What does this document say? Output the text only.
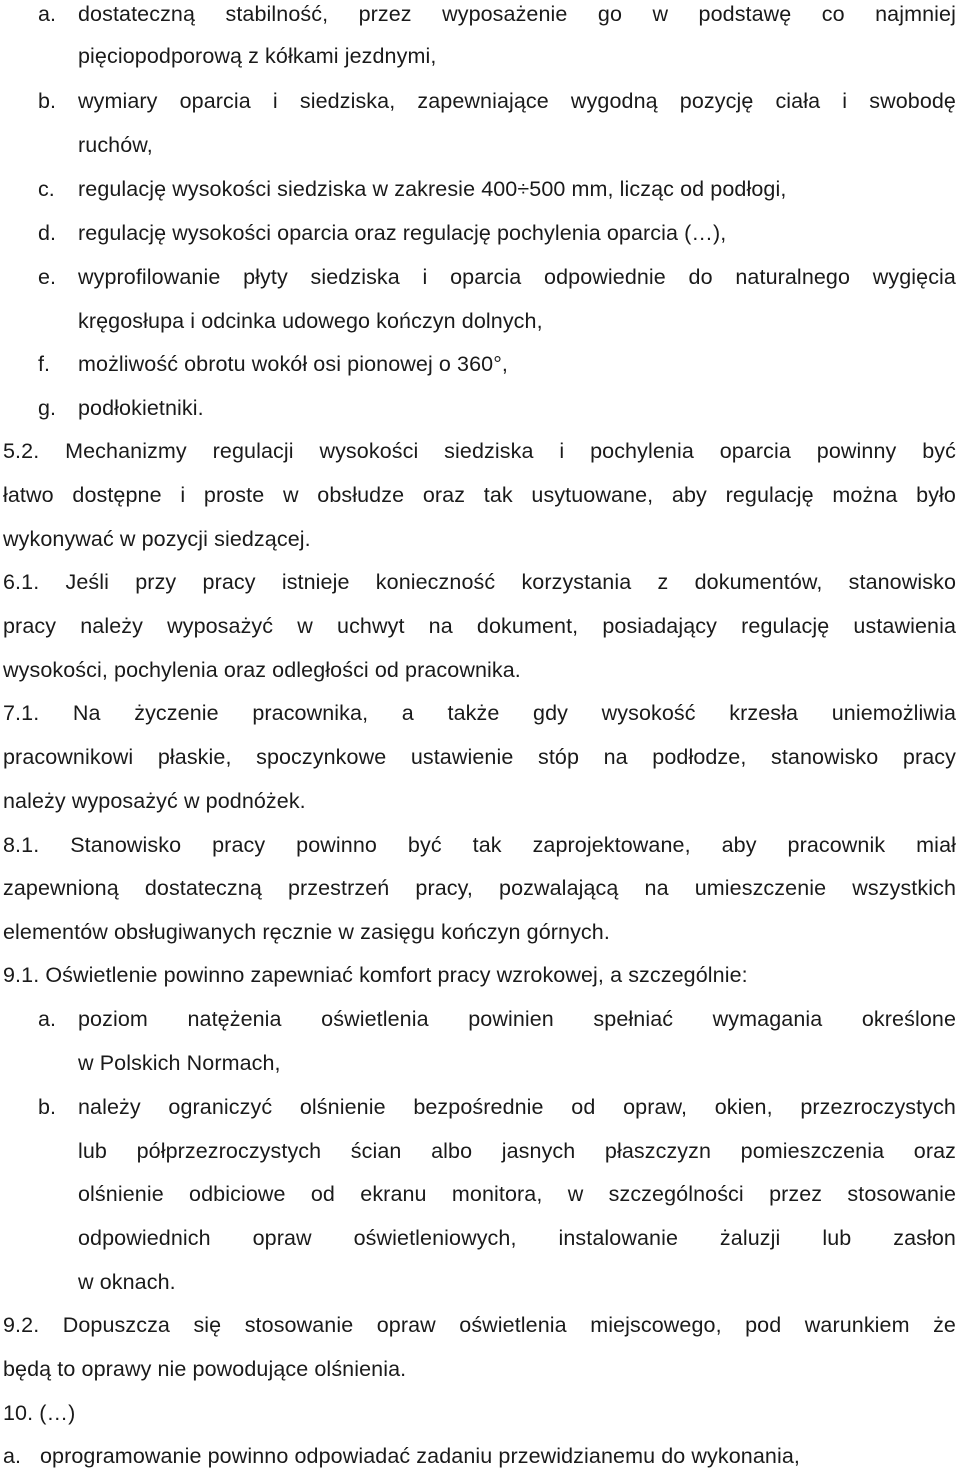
a. dostateczną stabilność, przez wyposażenie go w podstawę co najmniej
pięciopodporową z kółkami jezdnymi,
b. wymiary oparcia i siedziska, zapewniające wygodną pozycję ciała i swobodę
ruchów,
c. regulację wysokości siedziska w zakresie 400÷500 mm, licząc od podłogi,
d. regulację wysokości oparcia oraz regulację pochylenia oparcia (…),
e. wyprofilowanie płyty siedziska i oparcia odpowiednie do naturalnego wygięcia
kręgosłupa i odcinka udowego kończyn dolnych,
f. możliwość obrotu wokół osi pionowej o 360°,
g. podłokietniki.
5.2. Mechanizmy regulacji wysokości siedziska i pochylenia oparcia powinny być
łatwo dostępne i proste w obsłudze oraz tak usytuowane, aby regulację można było
wykonywać w pozycji siedzącej.
6.1. Jeśli przy pracy istnieje konieczność korzystania z dokumentów, stanowisko
pracy należy wyposażyć w uchwyt na dokument, posiadający regulację ustawienia
wysokości, pochylenia oraz odległości od pracownika.
7.1. Na życzenie pracownika, a także gdy wysokość krzesła uniemożliwia
pracownikowi płaskie, spoczynkowe ustawienie stóp na podłodze, stanowisko pracy
należy wyposażyć w podnóżek.
8.1. Stanowisko pracy powinno być tak zaprojektowane, aby pracownik miał
zapewnioną dostateczną przestrzeń pracy, pozwalającą na umieszczenie wszystkich
elementów obsługiwanych ręcznie w zasięgu kończyn górnych.
9.1. Oświetlenie powinno zapewniać komfort pracy wzrokowej, a szczególnie:
a. poziom natężenia oświetlenia powinien spełniać wymagania określone
w Polskich Normach,
b. należy ograniczyć olśnienie bezpośrednie od opraw, okien, przezroczystych
lub półprzezroczystych ścian albo jasnych płaszczyzn pomieszczenia oraz
olśnienie odbiciowe od ekranu monitora, w szczególności przez stosowanie
odpowiednich opraw oświetleniowych, instalowanie żaluzji lub zasłon
w oknach.
9.2. Dopuszcza się stosowanie opraw oświetlenia miejscowego, pod warunkiem że
będą to oprawy nie powodujące olśnienia.
10. (…)
a. oprogramowanie powinno odpowiadać zadaniu przewidzianemu do wykonania,
